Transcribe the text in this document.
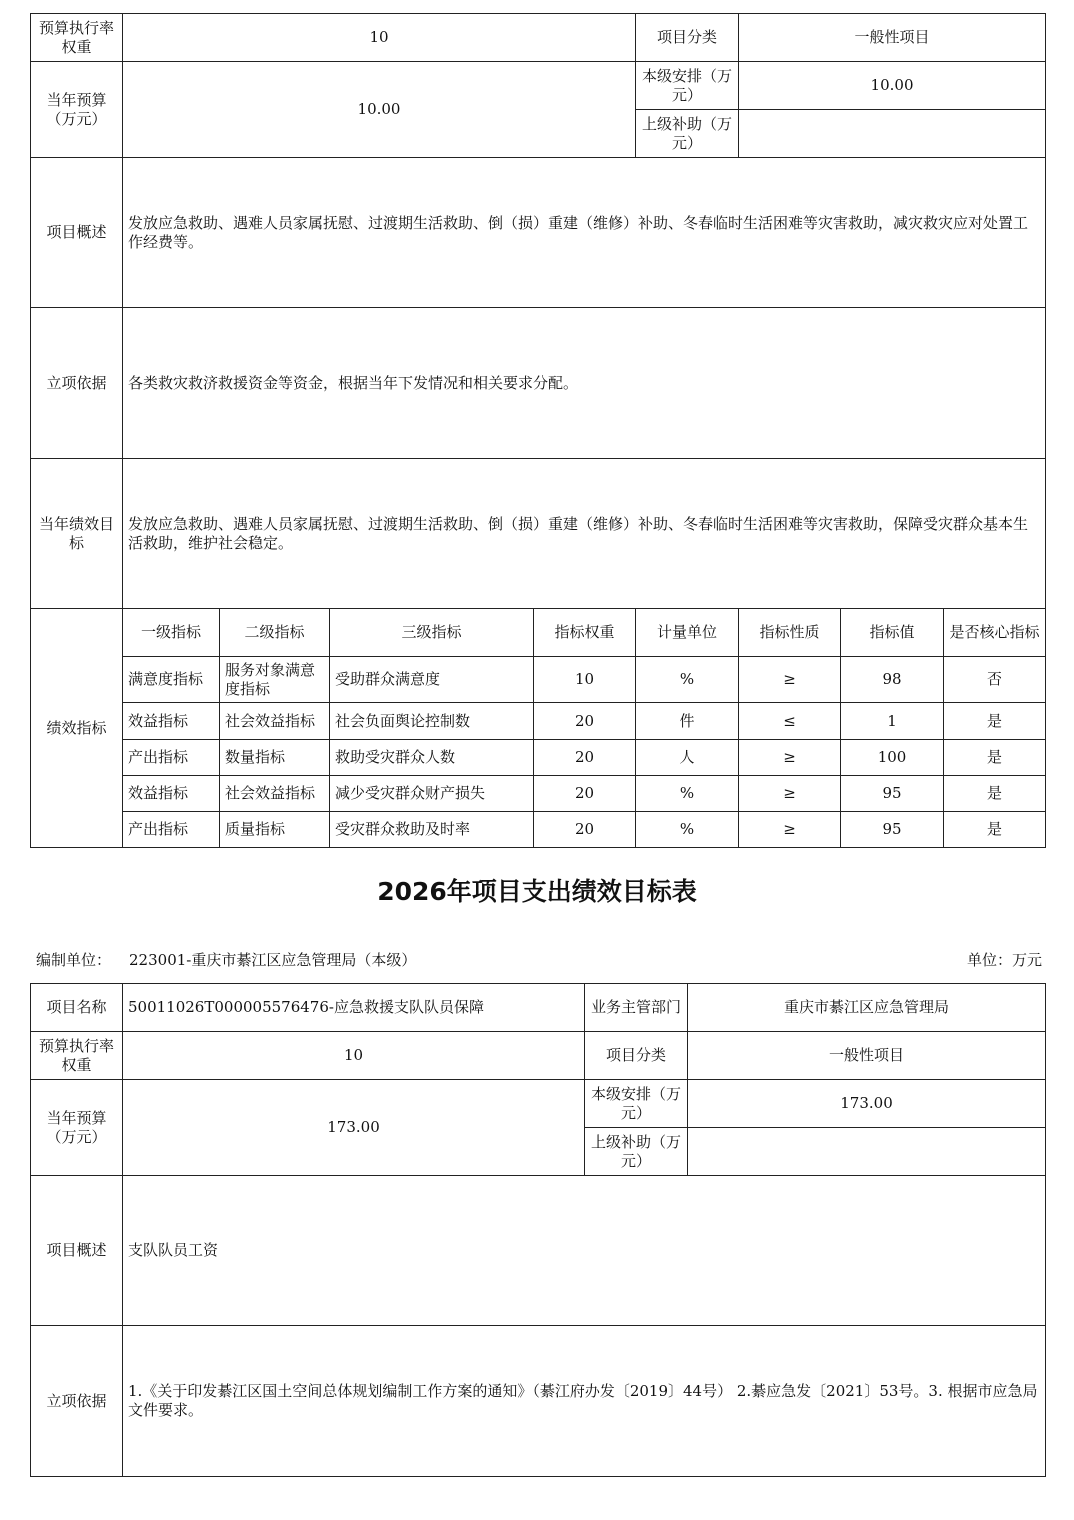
预算执行率权重	10				项目分类	一般性项目		
当年预算（万元）	10.00				本级安排（万元）	10.00		
					上级补助（万元）			
项目概述	发放应急救助、遇难人员家属抚慰、过渡期生活救助、倒（损）重建（维修）补助、冬春临时生活困难等灾害救助，减灾救灾应对处置工作经费等。							
立项依据	各类救灾救济救援资金等资金，根据当年下发情况和相关要求分配。							
当年绩效目标	发放应急救助、遇难人员家属抚慰、过渡期生活救助、倒（损）重建（维修）补助、冬春临时生活困难等灾害救助，保障受灾群众基本生活救助，维护社会稳定。							
绩效指标	一级指标	二级指标	三级指标	指标权重	计量单位	指标性质	指标值	是否核心指标
	满意度指标	服务对象满意度指标	受助群众满意度	10	%	≥	98	否
	效益指标	社会效益指标	社会负面舆论控制数	20	件	≤	1	是
	产出指标	数量指标	救助受灾群众人数	20	人	≥	100	是
	效益指标	社会效益指标	减少受灾群众财产损失	20	%	≥	95	是
	产出指标	质量指标	受灾群众救助及时率	20	%	≥	95	是
2026年项目支出绩效目标表
编制单位： 223001-重庆市綦江区应急管理局（本级）	单位：万元
项目名称	50011026T000005576476-应急救援支队队员保障	业务主管部门	重庆市綦江区应急管理局
预算执行率权重	10	项目分类	一般性项目
当年预算（万元）	173.00	本级安排（万元）	173.00
		上级补助（万元）	
项目概述	支队队员工资		
立项依据	1.《关于印发綦江区国土空间总体规划编制工作方案的通知》（綦江府办发〔2019〕44号） 2.綦应急发〔2021〕53号。3. 根据市应急局文件要求。		
